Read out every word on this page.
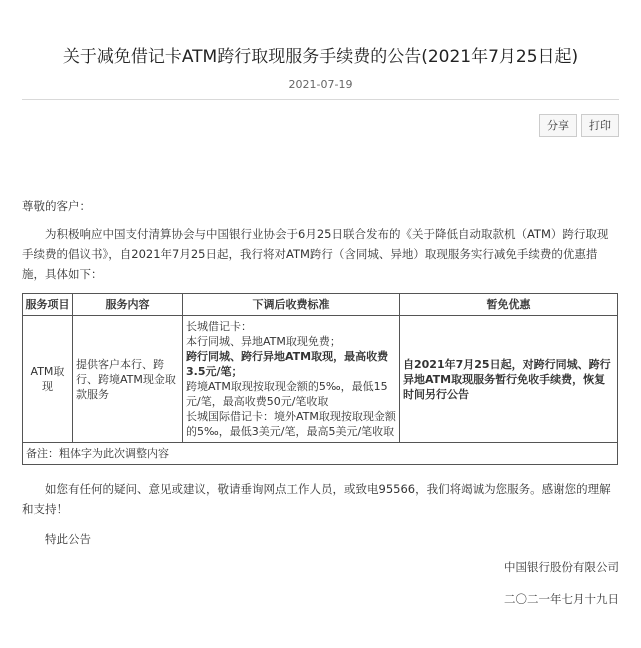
关于减免借记卡ATM跨行取现服务手续费的公告(2021年7月25日起)
2021-07-19
分享	打印

尊敬的客户：

为积极响应中国支付清算协会与中国银行业协会于6月25日联合发布的《关于降低自动取款机（ATM）跨行取现手续费的倡议书》，自2021年7月25日起，我行将对ATM跨行（含同城、异地）取现服务实行减免手续费的优惠措施，具体如下：

服务项目	服务内容	下调后收费标准	暂免优惠
ATM取现	提供客户本行、跨行、跨境ATM现金取款服务	长城借记卡：

本行同城、异地ATM取现免费；

跨行同城、跨行异地ATM取现，最高收费3.5元/笔；

跨境ATM取现按取现金额的5‰，最低15元/笔，最高收费50元/笔收取

长城国际借记卡：境外ATM取现按取现金额的5‰，最低3美元/笔，最高5美元/笔收取	自2021年7月25日起，对跨行同城、跨行异地ATM取现服务暂行免收手续费，恢复时间另行公告
备注：粗体字为此次调整内容			

如您有任何的疑问、意见或建议，敬请垂询网点工作人员，或致电95566，我们将竭诚为您服务。感谢您的理解和支持！

特此公告

中国银行股份有限公司

二〇二一年七月十九日
